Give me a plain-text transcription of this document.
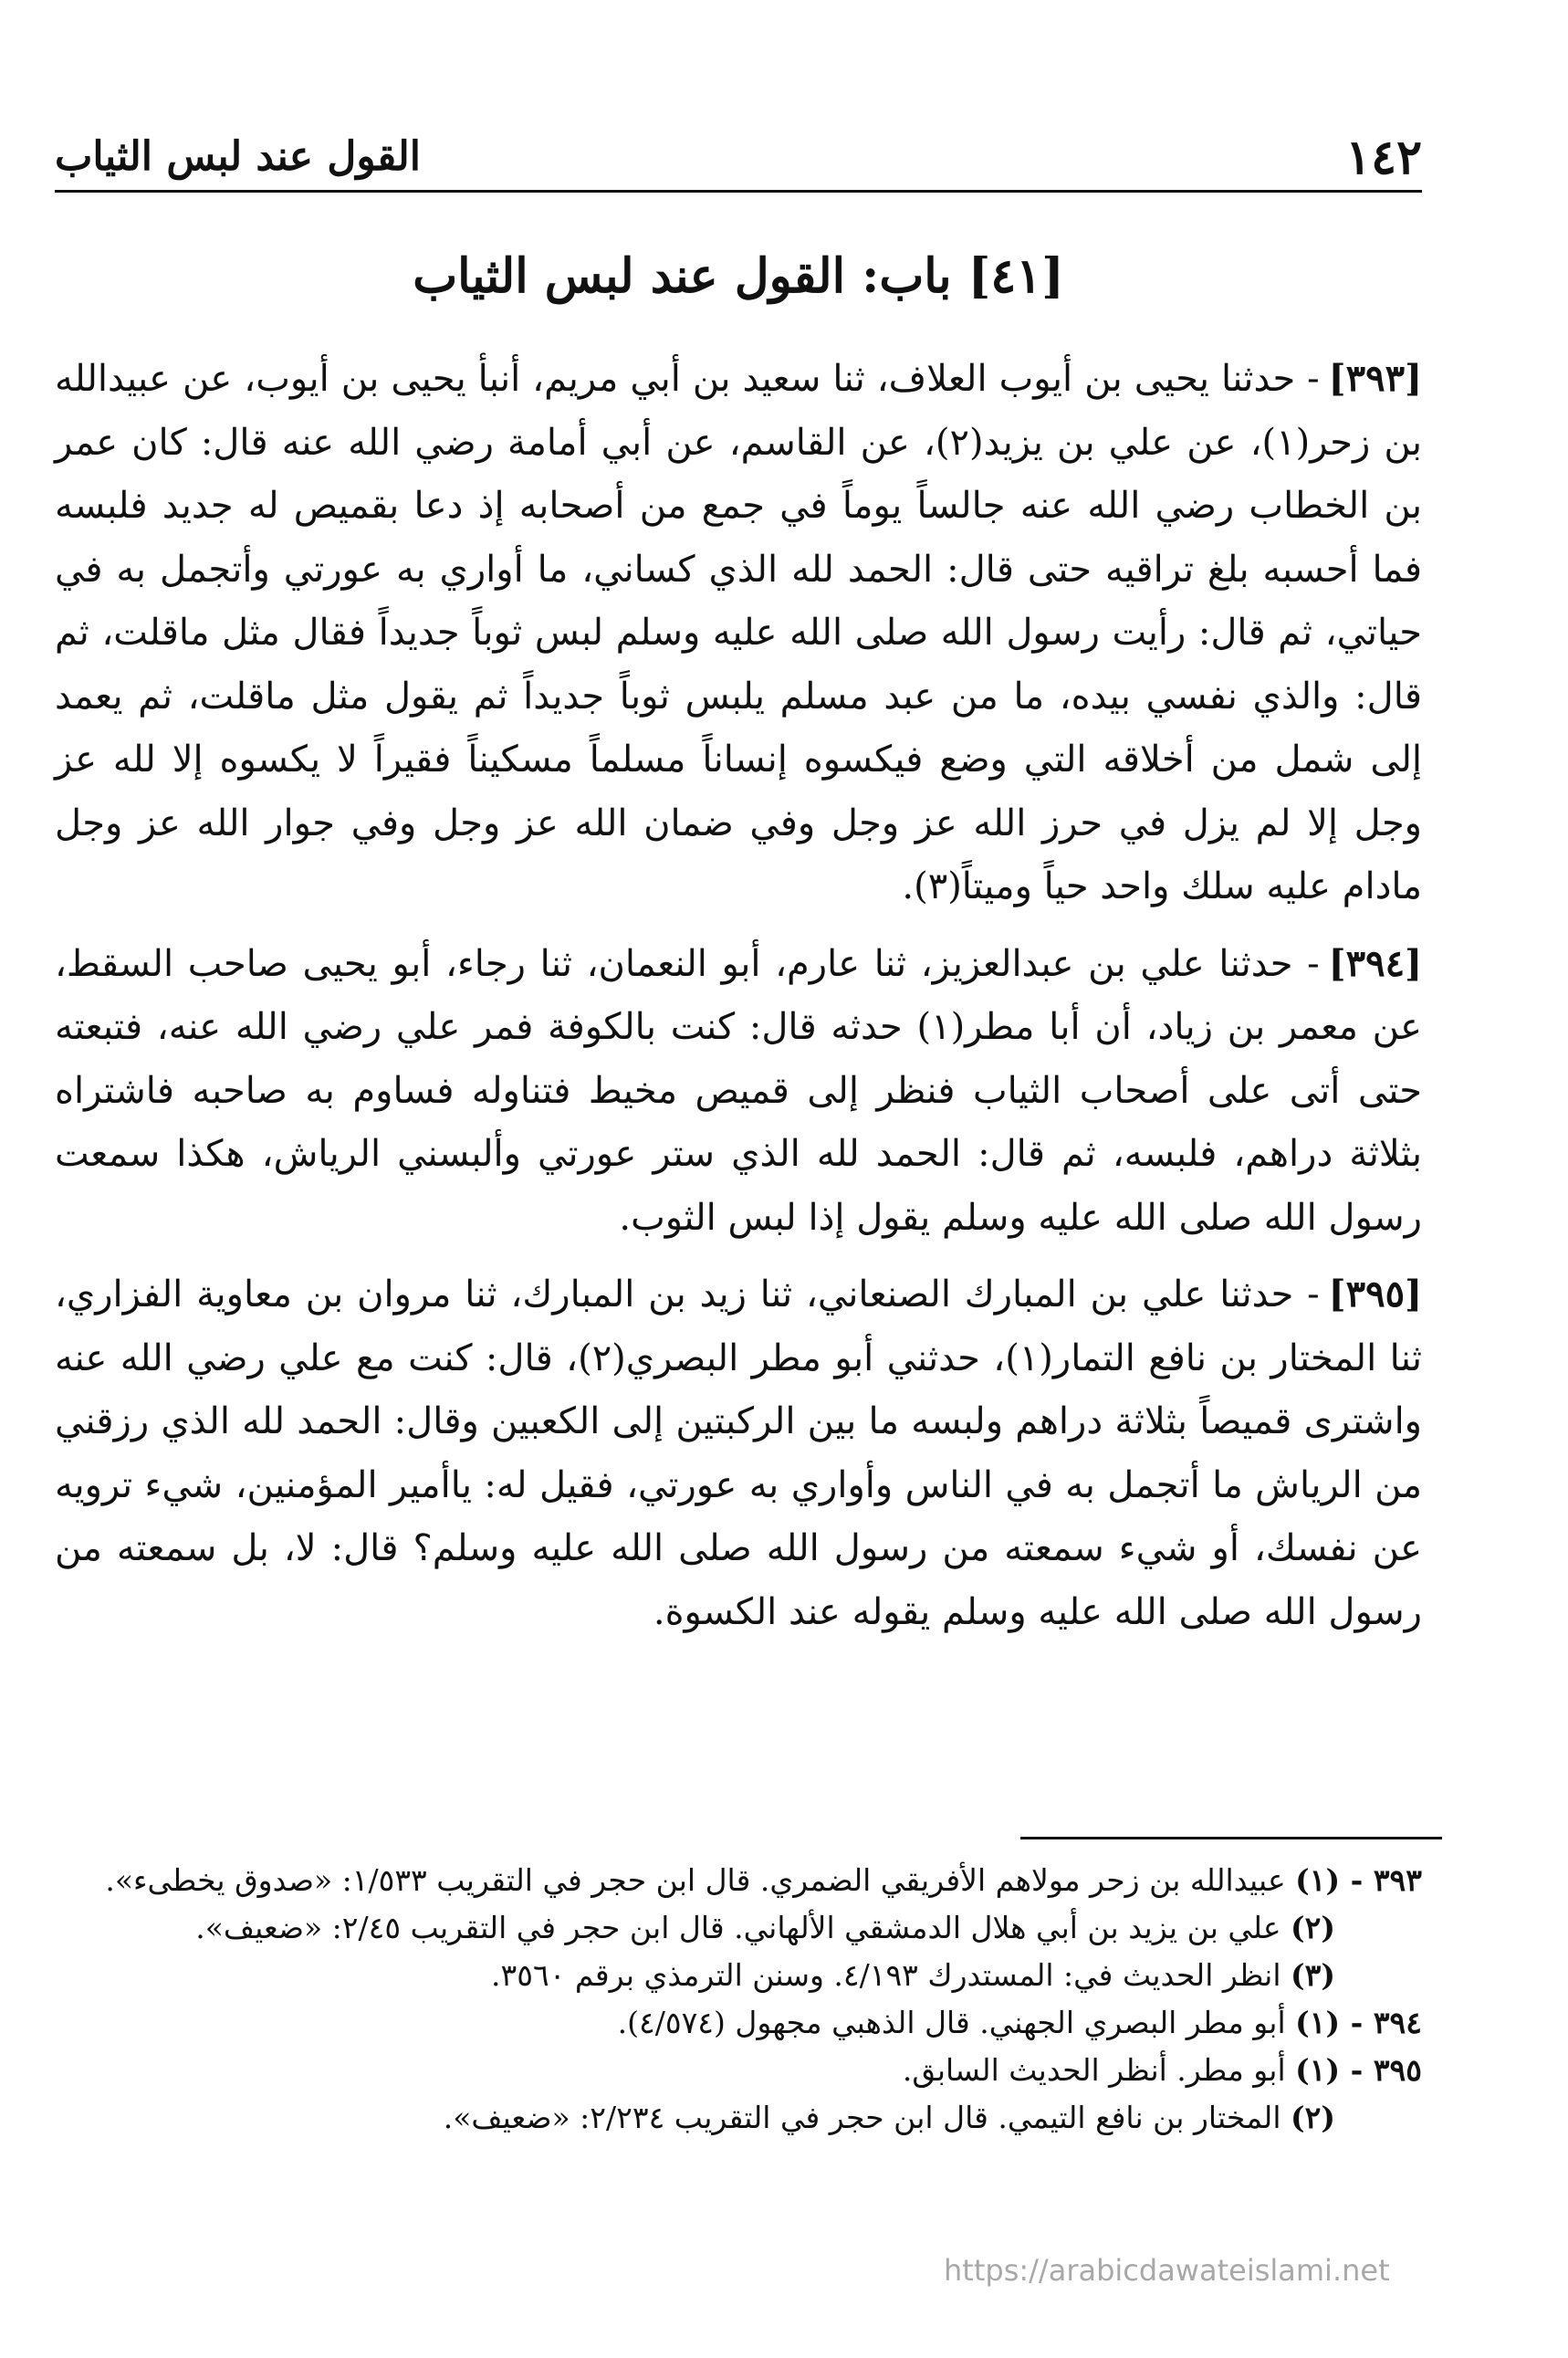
١٤٢
القول عند لبس الثياب
[٤١] باب: القول عند لبس الثياب

[٣٩٣]- حدثنا يحيى بن أيوب العلاف، ثنا سعيد بن أبي مريم، أنبأ يحيى بن أيوب، عن عبيدالله بن زحر(١)، عن علي بن يزيد(٢)، عن القاسم، عن أبي أمامة رضي الله عنه قال: كان عمر بن الخطاب رضي الله عنه جالساً يوماً في جمع من أصحابه إذ دعا بقميص له جديد فلبسه فما أحسبه بلغ تراقيه حتى قال: الحمد لله الذي كساني، ما أواري به عورتي وأتجمل به في حياتي، ثم قال: رأيت رسول الله صلى الله عليه وسلم لبس ثوباً جديداً فقال مثل ماقلت، ثم قال: والذي نفسي بيده، ما من عبد مسلم يلبس ثوباً جديداً ثم يقول مثل ماقلت، ثم يعمد إلى شمل من أخلاقه التي وضع فيكسوه إنساناً مسلماً مسكيناً فقيراً لا يكسوه إلا لله عز وجل إلا لم يزل في حرز الله عز وجل وفي ضمان الله عز وجل وفي جوار الله عز وجل مادام عليه سلك واحد حياً وميتاً(٣).

[٣٩٤]- حدثنا علي بن عبدالعزيز، ثنا عارم، أبو النعمان، ثنا رجاء، أبو يحيى صاحب السقط، عن معمر بن زياد، أن أبا مطر(١) حدثه قال: كنت بالكوفة فمر علي رضي الله عنه، فتبعته حتى أتى على أصحاب الثياب فنظر إلى قميص مخيط فتناوله فساوم به صاحبه فاشتراه بثلاثة دراهم، فلبسه، ثم قال: الحمد لله الذي ستر عورتي وألبسني الرياش، هكذا سمعت رسول الله صلى الله عليه وسلم يقول إذا لبس الثوب.

[٣٩٥]- حدثنا علي بن المبارك الصنعاني، ثنا زيد بن المبارك، ثنا مروان بن معاوية الفزاري، ثنا المختار بن نافع التمار(١)، حدثني أبو مطر البصري(٢)، قال: كنت مع علي رضي الله عنه واشترى قميصاً بثلاثة دراهم ولبسه ما بين الركبتين إلى الكعبين وقال: الحمد لله الذي رزقني من الرياش ما أتجمل به في الناس وأواري به عورتي، فقيل له: ياأمير المؤمنين، شيء ترويه عن نفسك، أو شيء سمعته من رسول الله صلى الله عليه وسلم؟ قال: لا، بل سمعته من رسول الله صلى الله عليه وسلم يقوله عند الكسوة.

٣٩٣ - (١) عبيدالله بن زحر مولاهم الأفريقي الضمري. قال ابن حجر في التقريب ١/٥٣٣: «صدوق يخطىء».

(٢) علي بن يزيد بن أبي هلال الدمشقي الألهاني. قال ابن حجر في التقريب ٢/٤٥: «ضعيف».

(٣) انظر الحديث في: المستدرك ٤/١٩٣. وسنن الترمذي برقم ٣٥٦٠.

٣٩٤ - (١) أبو مطر البصري الجهني. قال الذهبي مجهول (٤/٥٧٤).

٣٩٥ - (١) أبو مطر. أنظر الحديث السابق.

(٢) المختار بن نافع التيمي. قال ابن حجر في التقريب ٢/٢٣٤: «ضعيف».

https://arabicdawateislami.net
